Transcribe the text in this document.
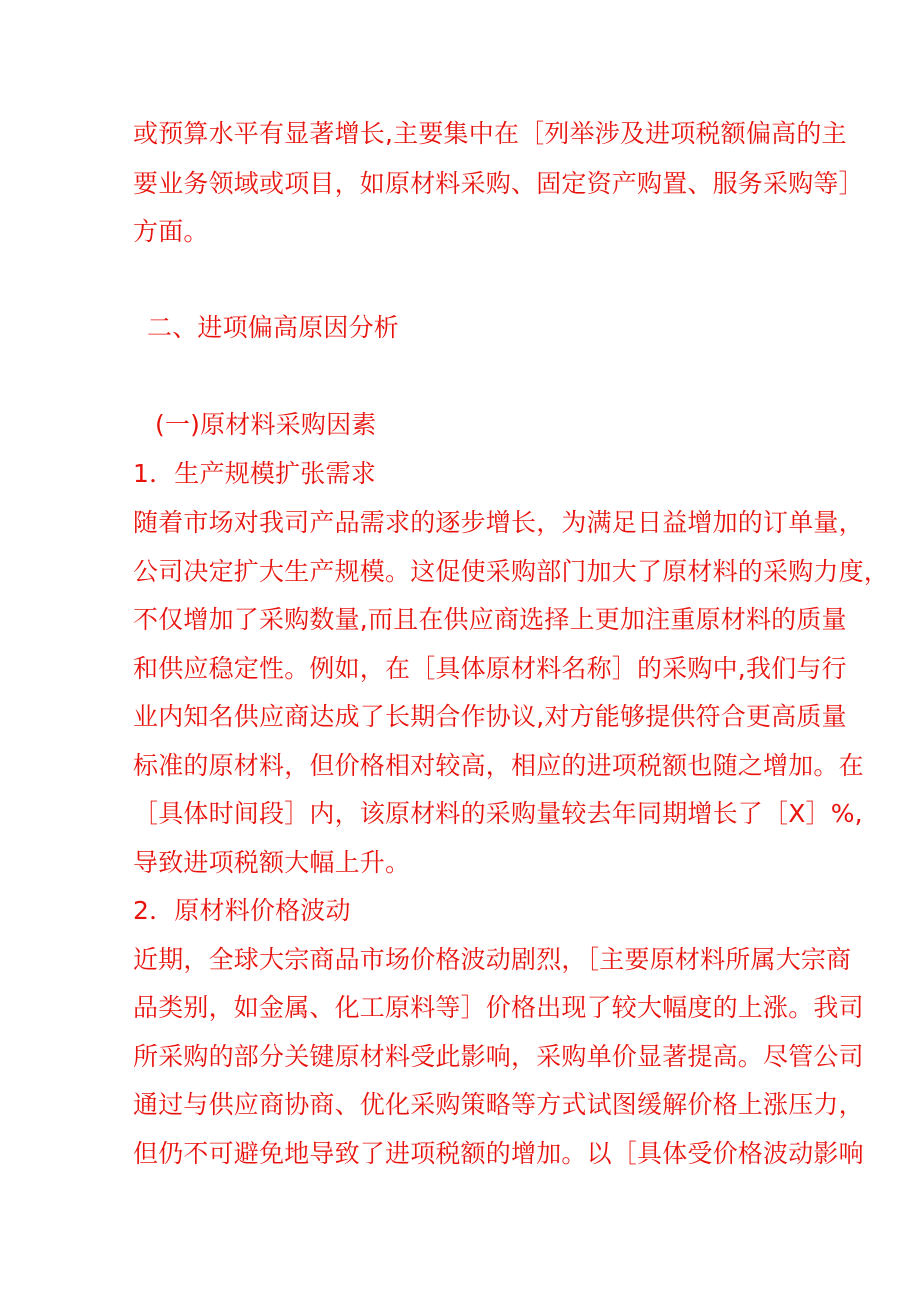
或预算水平有显著增长,主要集中在［列举涉及进项税额偏高的主
要业务领域或项目，如原材料采购、固定资产购置、服务采购等］
方面。
二、进项偏高原因分析
(一)原材料采购因素
1．生产规模扩张需求
随着市场对我司产品需求的逐步增长，为满足日益增加的订单量，
公司决定扩大生产规模。这促使采购部门加大了原材料的采购力度，
不仅增加了采购数量,而且在供应商选择上更加注重原材料的质量
和供应稳定性。例如，在［具体原材料名称］的采购中,我们与行
业内知名供应商达成了长期合作协议,对方能够提供符合更高质量
标准的原材料，但价格相对较高，相应的进项税额也随之增加。在
［具体时间段］内，该原材料的采购量较去年同期增长了［X］%,
导致进项税额大幅上升。
2．原材料价格波动
近期，全球大宗商品市场价格波动剧烈，［主要原材料所属大宗商
品类别，如金属、化工原料等］价格出现了较大幅度的上涨。我司
所采购的部分关键原材料受此影响，采购单价显著提高。尽管公司
通过与供应商协商、优化采购策略等方式试图缓解价格上涨压力，
但仍不可避免地导致了进项税额的增加。以［具体受价格波动影响
